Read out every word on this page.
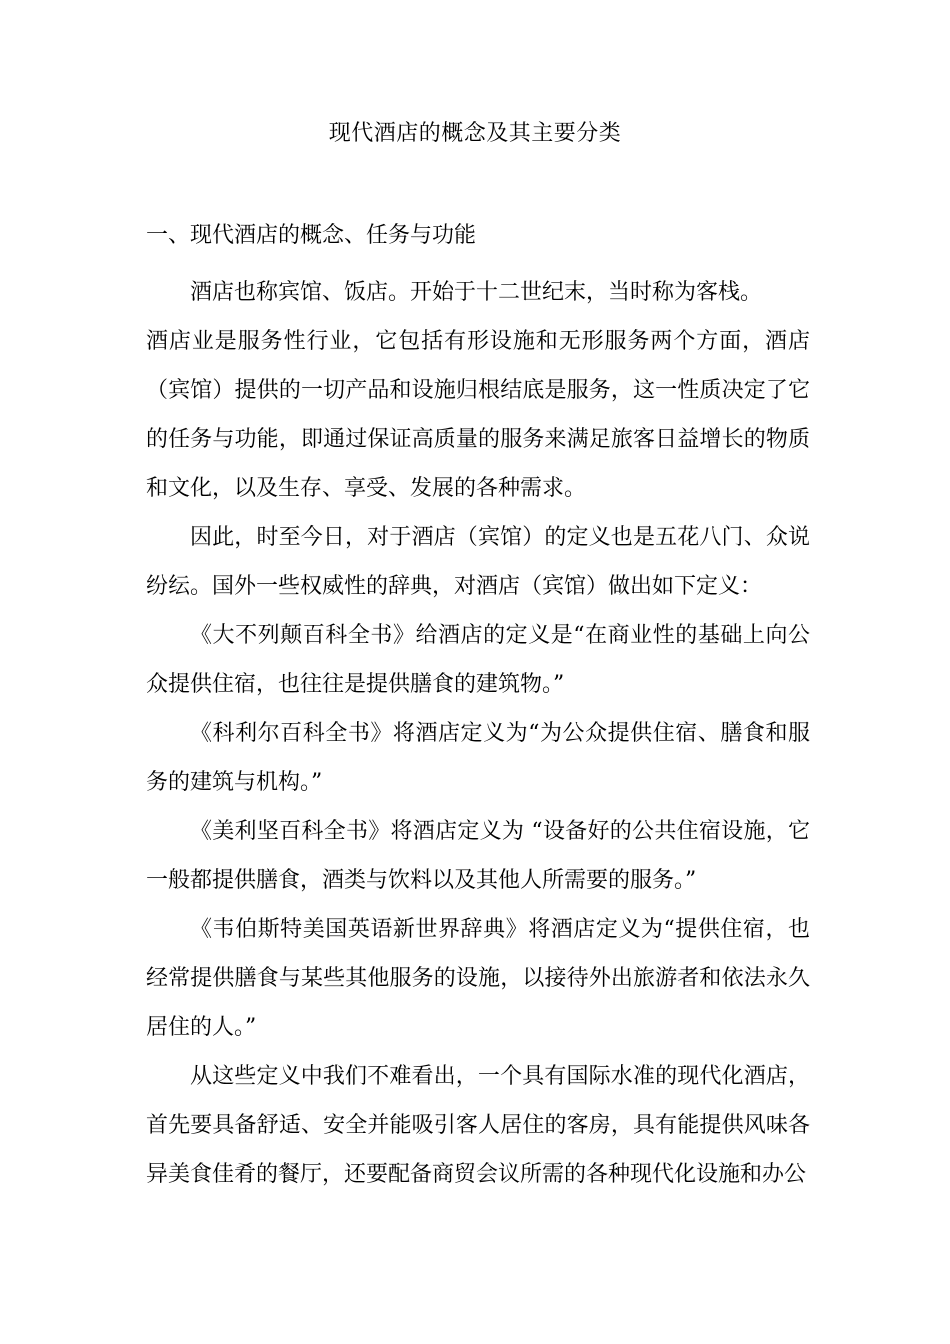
现代酒店的概念及其主要分类
一、现代酒店的概念、任务与功能

酒店也称宾馆、饭店。开始于十二世纪末，当时称为客栈。

酒店业是服务性行业，它包括有形设施和无形服务两个方面，酒店（宾馆）提供的一切产品和设施归根结底是服务，这一性质决定了它的任务与功能，即通过保证高质量的服务来满足旅客日益增长的物质和文化，以及生存、享受、发展的各种需求。

因此，时至今日，对于酒店（宾馆）的定义也是五花八门、众说纷纭。国外一些权威性的辞典，对酒店（宾馆）做出如下定义：

《大不列颠百科全书》给酒店的定义是“在商业性的基础上向公众提供住宿，也往往是提供膳食的建筑物。”

《科利尔百科全书》将酒店定义为“为公众提供住宿、膳食和服务的建筑与机构。”

《美利坚百科全书》将酒店定义为 “设备好的公共住宿设施，它一般都提供膳食，酒类与饮料以及其他人所需要的服务。”

《韦伯斯特美国英语新世界辞典》将酒店定义为“提供住宿，也经常提供膳食与某些其他服务的设施，以接待外出旅游者和依法永久居住的人。”

从这些定义中我们不难看出，一个具有国际水准的现代化酒店，首先要具备舒适、安全并能吸引客人居住的客房，具有能提供风味各异美食佳肴的餐厅，还要配备商贸会议所需的各种现代化设施和办公
